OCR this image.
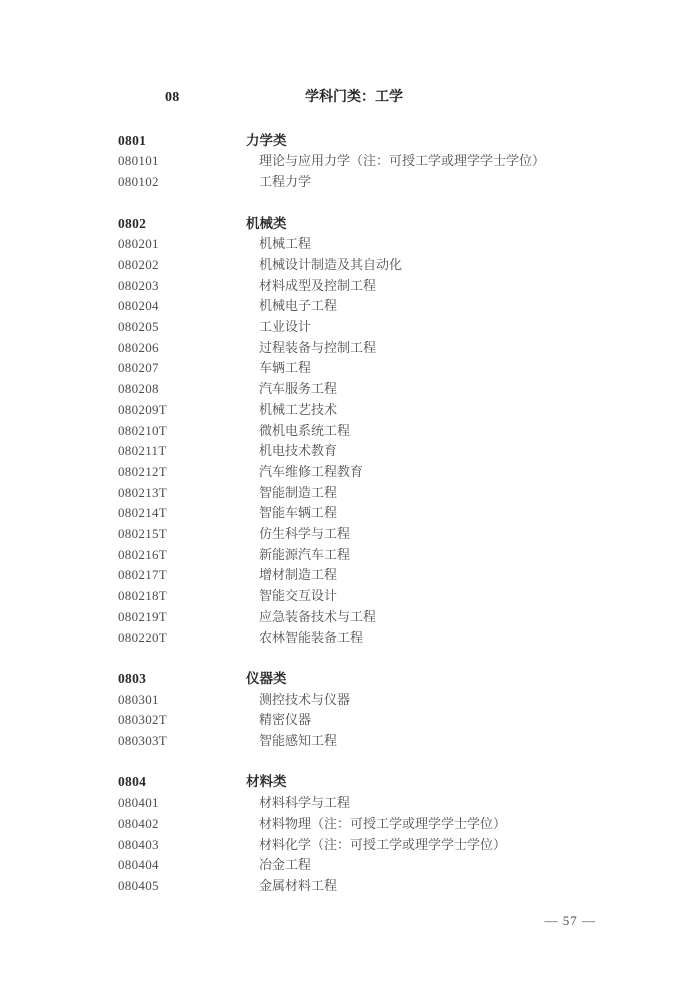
08	学科门类：工学
0801	力学类
080101	理论与应用力学（注：可授工学或理学学士学位）
080102	工程力学
0802	机械类
080201	机械工程
080202	机械设计制造及其自动化
080203	材料成型及控制工程
080204	机械电子工程
080205	工业设计
080206	过程装备与控制工程
080207	车辆工程
080208	汽车服务工程
080209T	机械工艺技术
080210T	微机电系统工程
080211T	机电技术教育
080212T	汽车维修工程教育
080213T	智能制造工程
080214T	智能车辆工程
080215T	仿生科学与工程
080216T	新能源汽车工程
080217T	增材制造工程
080218T	智能交互设计
080219T	应急装备技术与工程
080220T	农林智能装备工程
0803	仪器类
080301	测控技术与仪器
080302T	精密仪器
080303T	智能感知工程
0804	材料类
080401	材料科学与工程
080402	材料物理（注：可授工学或理学学士学位）
080403	材料化学（注：可授工学或理学学士学位）
080404	冶金工程
080405	金属材料工程
— 57 —
